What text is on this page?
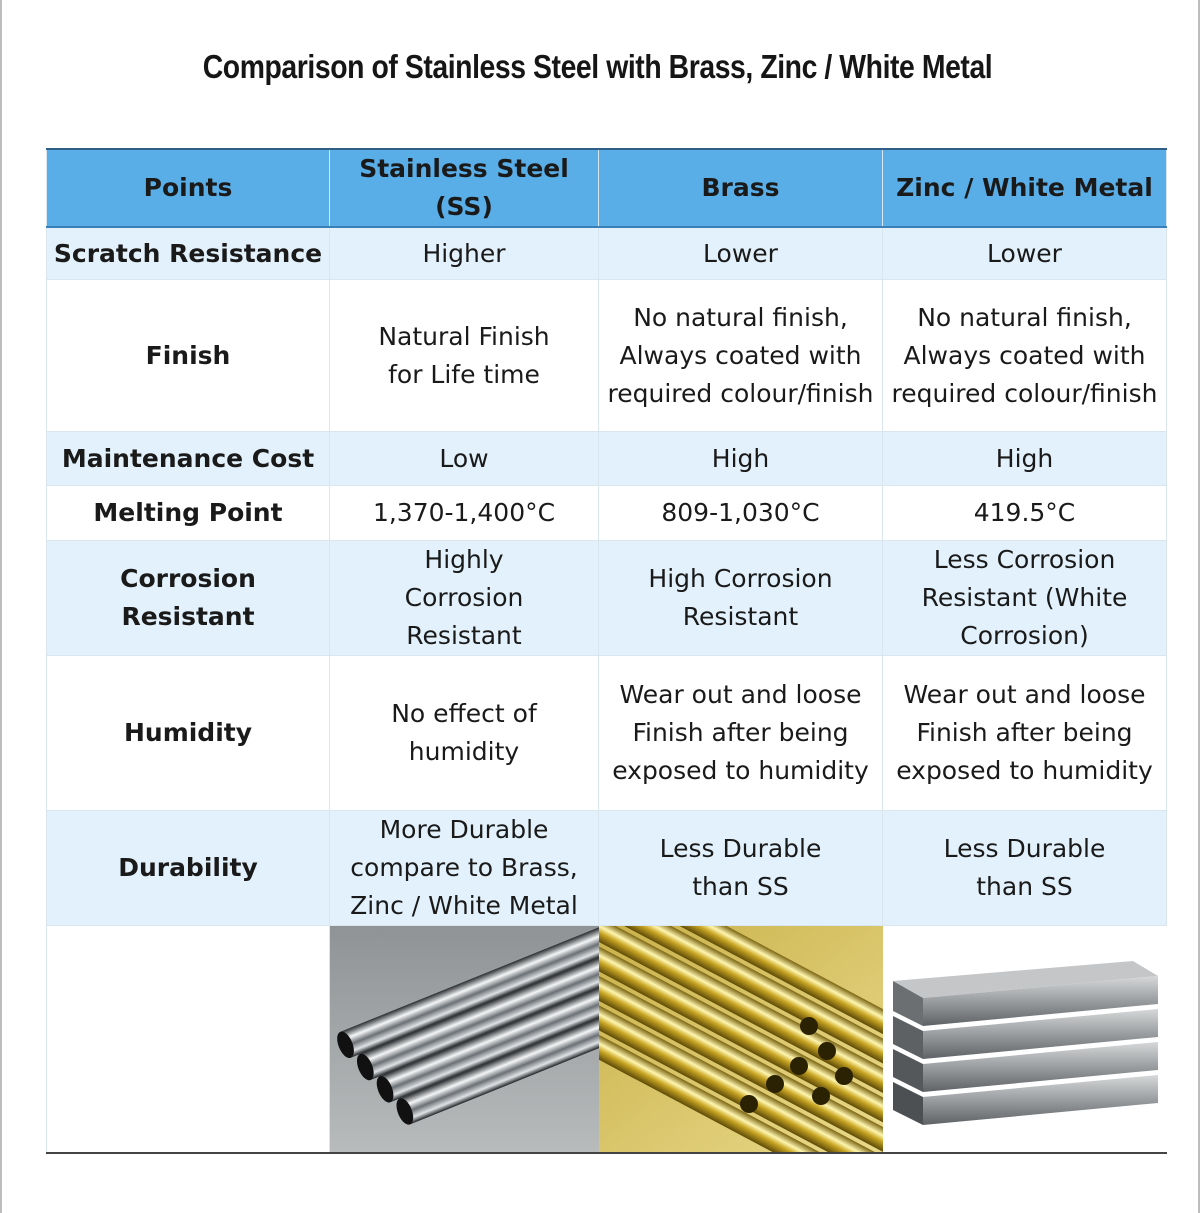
Comparison of Stainless Steel with Brass, Zinc / White Metal
Points	Stainless Steel (SS)	Brass	Zinc / White Metal
Scratch Resistance	Higher	Lower	Lower
Finish	Natural Finish for Life time	No natural finish, Always coated with required colour/finish	No natural finish, Always coated with required colour/finish
Maintenance Cost	Low	High	High
Melting Point	1,370-1,400°C	809-1,030°C	419.5°C
Corrosion Resistant	Highly Corrosion Resistant	High Corrosion Resistant	Less Corrosion Resistant (White Corrosion)
Humidity	No effect of humidity	Wear out and loose Finish after being exposed to humidity	Wear out and loose Finish after being exposed to humidity
Durability	More Durable compare to Brass, Zinc / White Metal	Less Durable than SS	Less Durable than SS
